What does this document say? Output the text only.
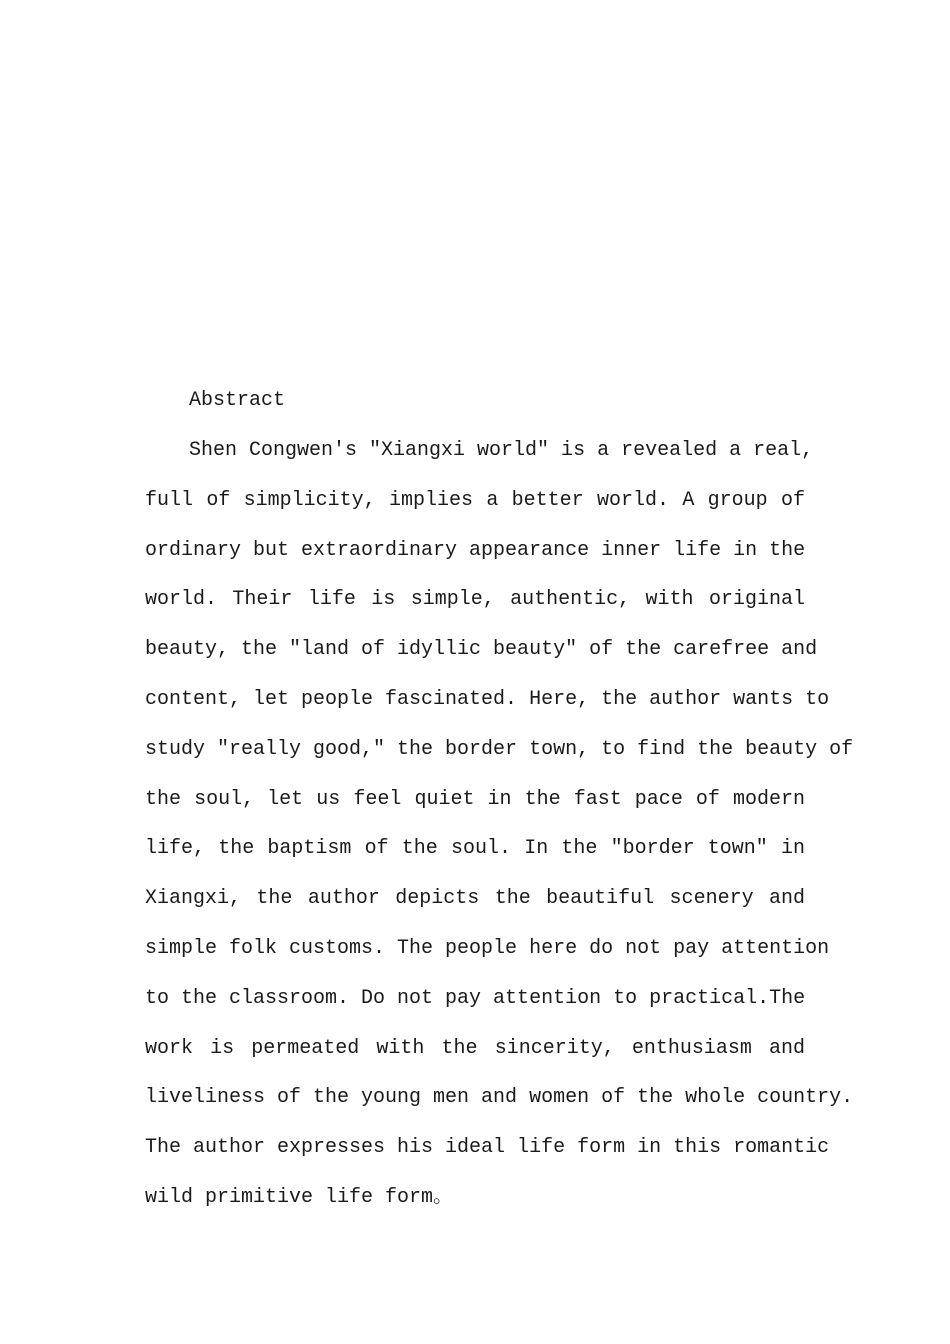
Abstract
Shen Congwen's "Xiangxi world" is a revealed a real,
full of simplicity, implies a better world. A group of
ordinary but extraordinary appearance inner life in the
world. Their life is simple, authentic, with original
beauty, the "land of idyllic beauty" of the carefree and
content, let people fascinated. Here, the author wants to
study "really good," the border town, to find the beauty of
the soul, let us feel quiet in the fast pace of modern
life, the baptism of the soul. In the "border town" in
Xiangxi, the author depicts the beautiful scenery and
simple folk customs. The people here do not pay attention
to the classroom. Do not pay attention to practical.The
work is permeated with the sincerity, enthusiasm and
liveliness of the young men and women of the whole country.
The author expresses his ideal life form in this romantic
wild primitive life form。
